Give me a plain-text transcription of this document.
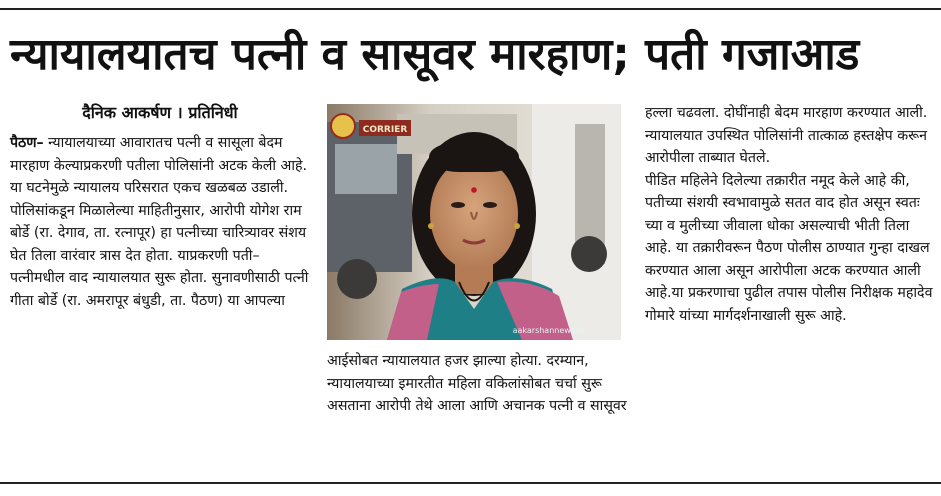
न्यायालयातच पत्नी व सासूवर मारहाण; पती गजाआड

दैनिक आकर्षण । प्रतिनिधी

पैठण– न्यायालयाच्या आवारातच पत्नी व सासूला बेदम मारहाण केल्याप्रकरणी पतीला पोलिसांनी अटक केली आहे.

या घटनेमुळे न्यायालय परिसरात एकच खळबळ उडाली.

पोलिसांकडून मिळालेल्या माहितीनुसार, आरोपी योगेश राम बोर्डे (रा. देगाव, ता. रत्नापूर) हा पत्नीच्या चारित्र्यावर संशय घेत तिला वारंवार त्रास देत होता. याप्रकरणी पती–पत्नीमधील वाद न्यायालयात सुरू होता. सुनावणीसाठी पत्नी गीता बोर्डे (रा. अमरापूर बंधुडी, ता. पैठण) या आपल्या

CORRIER
aakarshannews.tv

आईसोबत न्यायालयात हजर झाल्या होत्या. दरम्यान, न्यायालयाच्या इमारतीत महिला वकिलांसोबत चर्चा सुरू असताना आरोपी तेथे आला आणि अचानक पत्नी व सासूवर

हल्ला चढवला. दोघींनाही बेदम मारहाण करण्यात आली. न्यायालयात उपस्थित पोलिसांनी तात्काळ हस्तक्षेप करून आरोपीला ताब्यात घेतले.

पीडित महिलेने दिलेल्या तक्रारीत नमूद केले आहे की, पतीच्या संशयी स्वभावामुळे सतत वाद होत असून स्वतः च्या व मुलीच्या जीवाला धोका असल्याची भीती तिला आहे. या तक्रारीवरून पैठण पोलीस ठाण्यात गुन्हा दाखल करण्यात आला असून आरोपीला अटक करण्यात आली आहे.या प्रकरणाचा पुढील तपास पोलीस निरीक्षक महादेव गोमारे यांच्या मार्गदर्शनाखाली सुरू आहे.
